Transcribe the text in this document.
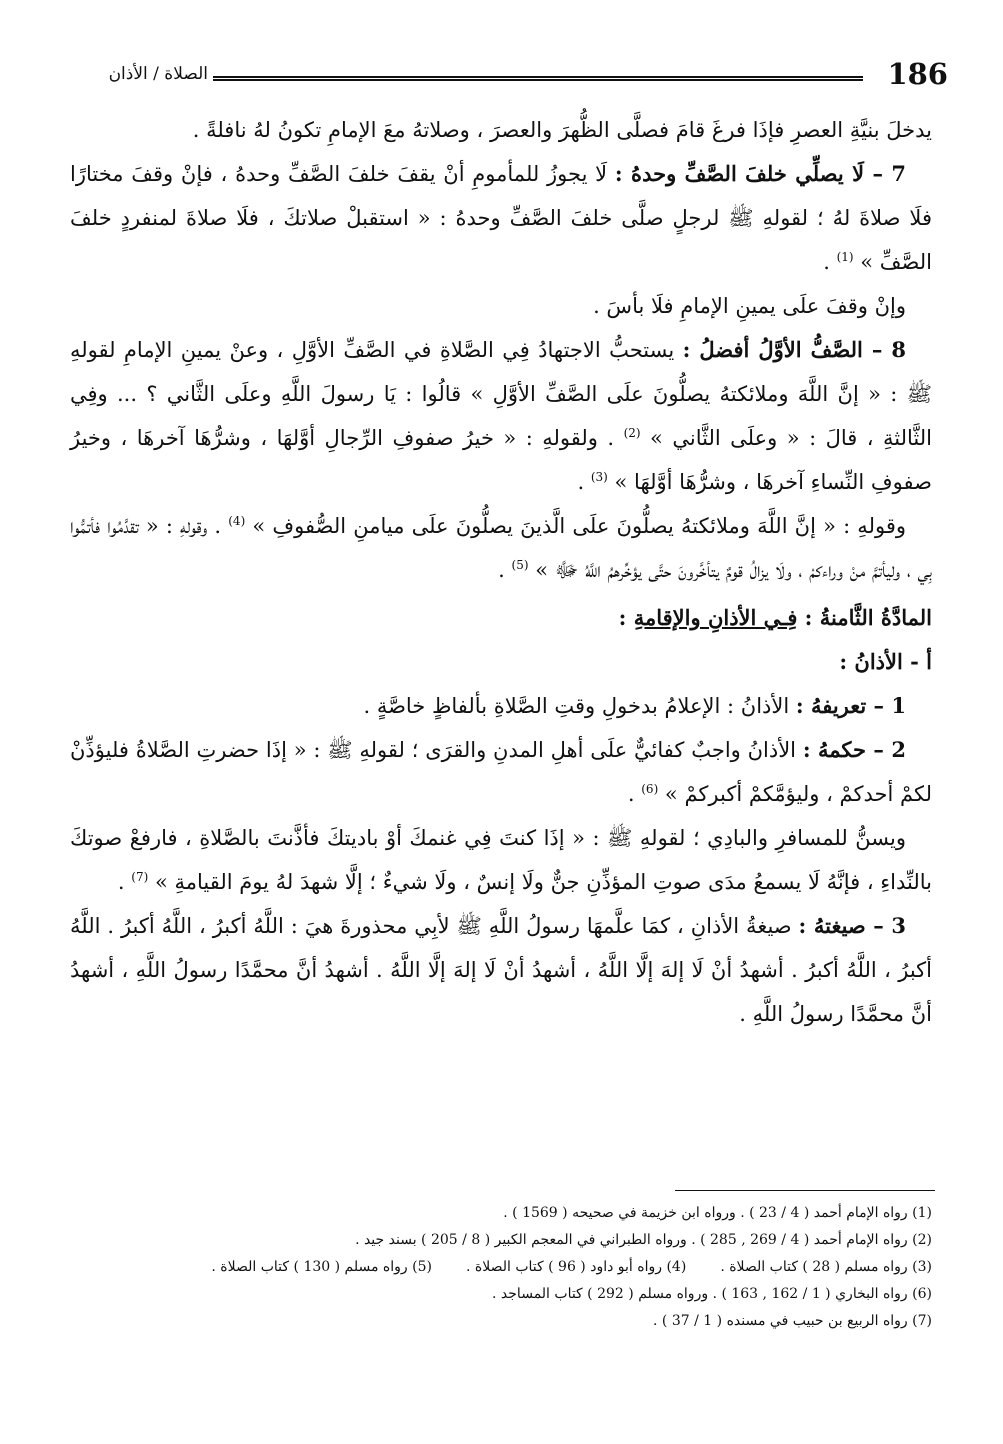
الصلاة / الأذان	186

يدخلَ بنيَّةِ العصرِ فإذَا فرغَ قامَ فصلَّى الظُّهرَ والعصرَ ، وصلاتهُ معَ الإمامِ تكونُ لهُ نافلةً .

7 – لَا يصلِّي خلفَ الصَّفِّ وحدهُ : لَا يجوزُ للمأمومِ أنْ يقفَ خلفَ الصَّفِّ وحدهُ ، فإنْ وقفَ مختارًا فلَا صلاةَ لهُ ؛ لقولهِ ﷺ لرجلٍ صلَّى خلفَ الصَّفِّ وحدهُ : « استقبلْ صلاتكَ ، فلَا صلاةَ لمنفردٍ خلفَ الصَّفِّ » $^{(1)}$ .

وإنْ وقفَ علَى يمينِ الإمامِ فلَا بأسَ .

8 – الصَّفُّ الأوَّلُ أفضلُ : يستحبُّ الاجتهادُ فِي الصَّلاةِ في الصَّفِّ الأوَّلِ ، وعنْ يمينِ الإمامِ لقولهِ ﷺ : « إنَّ اللَّهَ وملائكتهُ يصلُّونَ علَى الصَّفِّ الأوَّلِ » قالُوا : يَا رسولَ اللَّهِ وعلَى الثَّاني ؟ ... وفِي الثَّالثةِ ، قالَ : « وعلَى الثَّاني » $^{(2)}$ . ولقولهِ : « خيرُ صفوفِ الرِّجالِ أوَّلهَا ، وشرُّهَا آخرهَا ، وخيرُ صفوفِ النِّساءِ آخرهَا ، وشرُّهَا أوَّلهَا » $^{(3)}$ .

وقولهِ : « إنَّ اللَّهَ وملائكتهُ يصلُّونَ علَى الَّذينَ يصلُّونَ علَى ميامنِ الصُّفوفِ » $^{(4)}$ . وقولهِ : « تقدَّمُوا فأتمُّوا بِي ، وليأتمَّ منْ وراءكمْ ، ولَا يزالُ قومٌ يتأخَّرونَ حتَّى يؤخِّرهمُ اللَّهُ ﷻ » $^{(5)}$ .

المادَّةُ الثَّامنةُ : فِـي الأذانِ والإقامةِ :

أ - الأذانُ :

1 – تعريفهُ : الأذانُ : الإعلامُ بدخولِ وقتِ الصَّلاةِ بألفاظٍ خاصَّةٍ .

2 – حكمهُ : الأذانُ واجبٌ كفائيٌّ علَى أهلِ المدنِ والقرَى ؛ لقولهِ ﷺ : « إذَا حضرتِ الصَّلاةُ فليؤذِّنْ لكمْ أحدكمْ ، وليؤمَّكمْ أكبركمْ » $^{(6)}$ .

ويسنُّ للمسافرِ والبادِي ؛ لقولهِ ﷺ : « إذَا كنتَ فِي غنمكَ أوْ باديتكَ فأذَّنتَ بالصَّلاةِ ، فارفعْ صوتكَ بالنِّداءِ ، فإنَّهُ لَا يسمعُ مدَى صوتِ المؤذِّنِ جنٌّ ولَا إنسٌ ، ولَا شيءٌ ؛ إلَّا شهدَ لهُ يومَ القيامةِ » $^{(7)}$ .

3 – صيغتهُ : صيغةُ الأذانِ ، كمَا علَّمهَا رسولُ اللَّهِ ﷺ لأبِي محذورةَ هيَ : اللَّهُ أكبرُ ، اللَّهُ أكبرُ . اللَّهُ أكبرُ ، اللَّهُ أكبرُ . أشهدُ أنْ لَا إلهَ إلَّا اللَّهُ ، أشهدُ أنْ لَا إلهَ إلَّا اللَّهُ . أشهدُ أنَّ محمَّدًا رسولُ اللَّهِ ، أشهدُ أنَّ محمَّدًا رسولُ اللَّهِ .

(1) رواه الإمام أحمد ( 4 / 23 ) . ورواه ابن خزيمة في صحيحه ( 1569 ) .

(2) رواه الإمام أحمد ( 4 / 269 , 285 ) . ورواه الطبراني في المعجم الكبير ( 8 / 205 ) بسند جيد .

(3) رواه مسلم ( 28 ) كتاب الصلاة .
(4) رواه أبو داود ( 96 ) كتاب الصلاة .
(5) رواه مسلم ( 130 ) كتاب الصلاة .

(6) رواه البخاري ( 1 / 162 , 163 ) . ورواه مسلم ( 292 ) كتاب المساجد .

(7) رواه الربيع بن حبيب في مسنده ( 1 / 37 ) .
